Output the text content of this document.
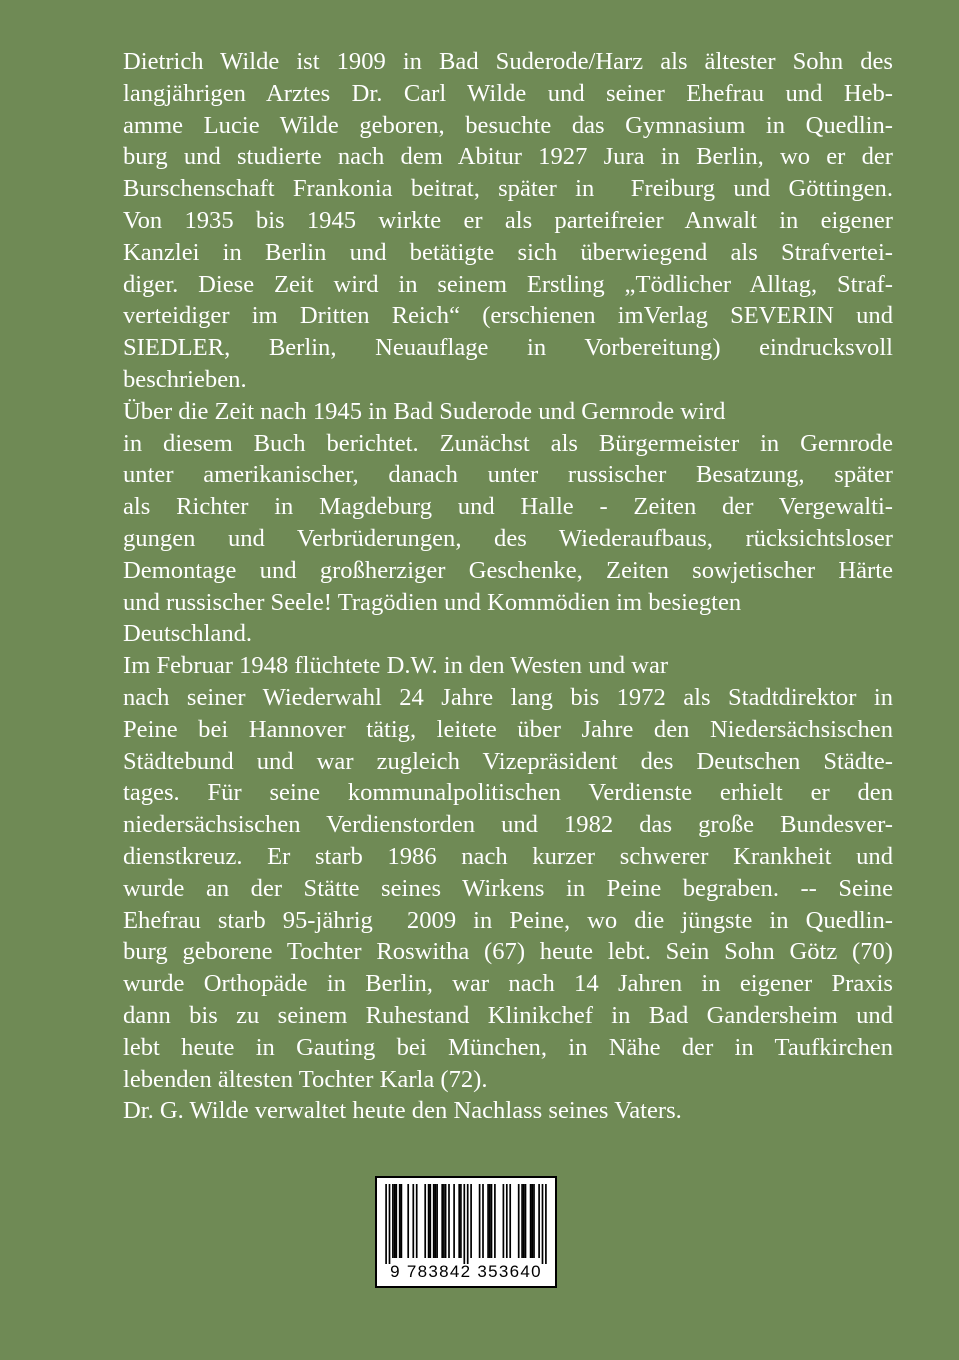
Dietrich Wilde ist 1909 in Bad Suderode/Harz als ältester Sohn des
langjährigen Arztes Dr. Carl Wilde und seiner Ehefrau und Heb-
amme Lucie Wilde geboren, besuchte das Gymnasium in Quedlin-
burg und studierte nach dem Abitur 1927 Jura in Berlin, wo er der
Burschenschaft Frankonia beitrat, später in  Freiburg und Göttingen.
Von 1935 bis 1945 wirkte er als parteifreier Anwalt in eigener
Kanzlei in Berlin und betätigte sich überwiegend als Strafvertei-
diger. Diese Zeit wird in seinem Erstling „Tödlicher Alltag, Straf-
verteidiger im Dritten Reich“ (erschienen imVerlag SEVERIN und
SIEDLER, Berlin, Neuauflage in Vorbereitung) eindrucksvoll
beschrieben.
Über die Zeit nach 1945 in Bad Suderode und Gernrode wird
in diesem Buch berichtet. Zunächst als Bürgermeister in Gernrode
unter amerikanischer, danach unter russischer Besatzung, später
als Richter in Magdeburg und Halle - Zeiten der Vergewalti-
gungen und Verbrüderungen, des Wiederaufbaus, rücksichtsloser
Demontage und großherziger Geschenke, Zeiten sowjetischer Härte
und russischer Seele! Tragödien und Kommödien im besiegten
Deutschland.
Im Februar 1948 flüchtete D.W. in den Westen und war
nach seiner Wiederwahl 24 Jahre lang bis 1972 als Stadtdirektor in
Peine bei Hannover tätig, leitete über Jahre den Niedersächsischen
Städtebund und war zugleich Vizepräsident des Deutschen Städte-
tages. Für seine kommunalpolitischen Verdienste erhielt er den
niedersächsischen Verdienstorden und 1982 das große Bundesver-
dienstkreuz. Er starb 1986 nach kurzer schwerer Krankheit und
wurde an der Stätte seines Wirkens in Peine begraben. -- Seine
Ehefrau starb 95-jährig  2009 in Peine, wo die jüngste in Quedlin-
burg geborene Tochter Roswitha (67) heute lebt. Sein Sohn Götz (70)
wurde Orthopäde in Berlin, war nach 14 Jahren in eigener Praxis
dann bis zu seinem Ruhestand Klinikchef in Bad Gandersheim und
lebt heute in Gauting bei München, in Nähe der in Taufkirchen
lebenden ältesten Tochter Karla (72).
Dr. G. Wilde verwaltet heute den Nachlass seines Vaters.
9 783842 353640
